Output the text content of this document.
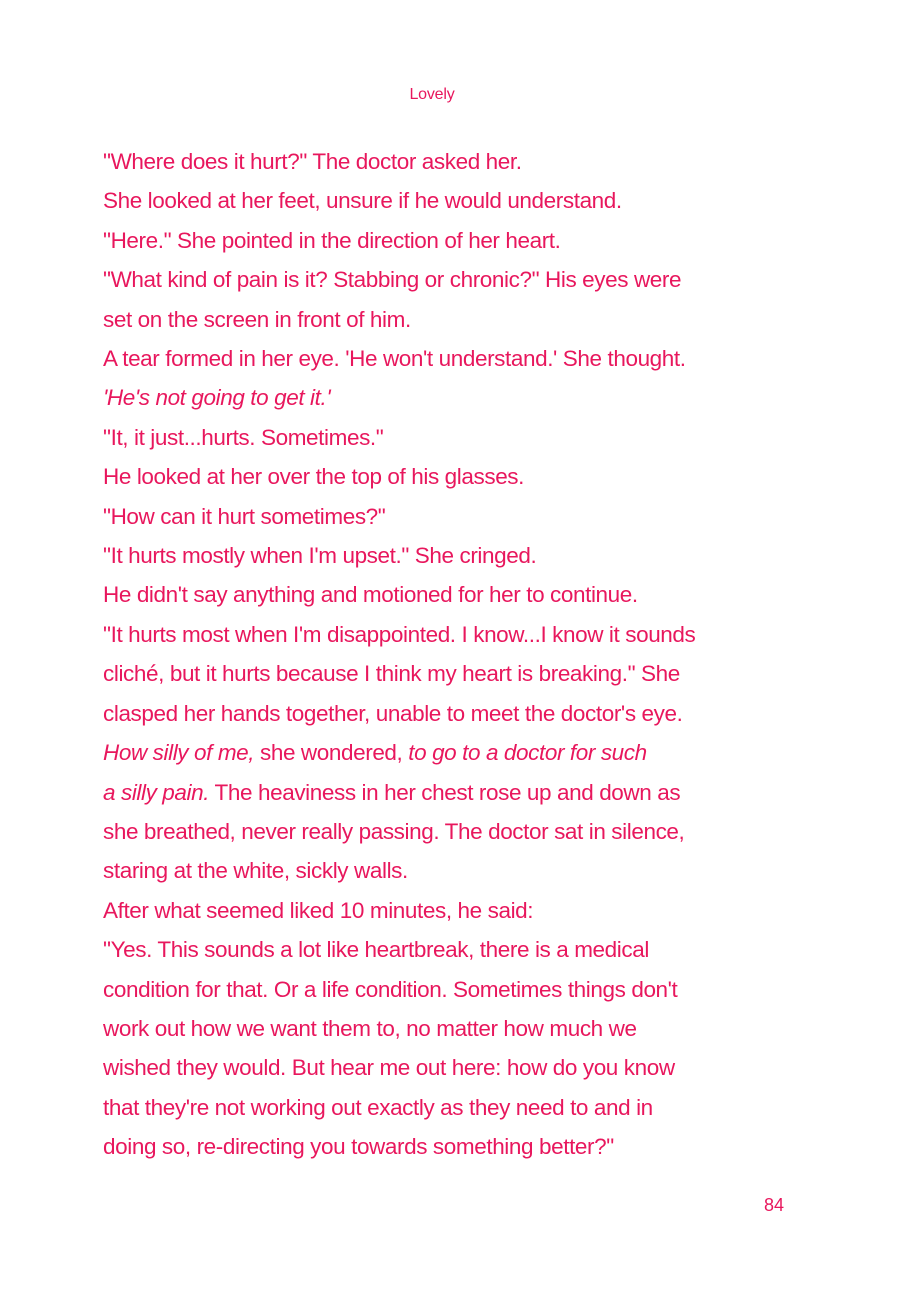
Lovely
"Where does it hurt?" The doctor asked her.
She looked at her feet, unsure if he would understand.
"Here." She pointed in the direction of her heart.
"What kind of pain is it? Stabbing or chronic?" His eyes were
set on the screen in front of him.
A tear formed in her eye. 'He won't understand.' She thought.
'He's not going to get it.'
"It, it just...hurts. Sometimes."
He looked at her over the top of his glasses.
"How can it hurt sometimes?"
"It hurts mostly when I'm upset." She cringed.
He didn't say anything and motioned for her to continue.
"It hurts most when I'm disappointed. I know...I know it sounds
cliché, but it hurts because I think my heart is breaking." She
clasped her hands together, unable to meet the doctor's eye.
How silly of me, she wondered, to go to a doctor for such
a silly pain. The heaviness in her chest rose up and down as
she breathed, never really passing. The doctor sat in silence,
staring at the white, sickly walls.
After what seemed liked 10 minutes, he said:
"Yes. This sounds a lot like heartbreak, there is a medical
condition for that. Or a life condition. Sometimes things don't
work out how we want them to, no matter how much we
wished they would. But hear me out here: how do you know
that they're not working out exactly as they need to and in
doing so, re-directing you towards something better?"
84
